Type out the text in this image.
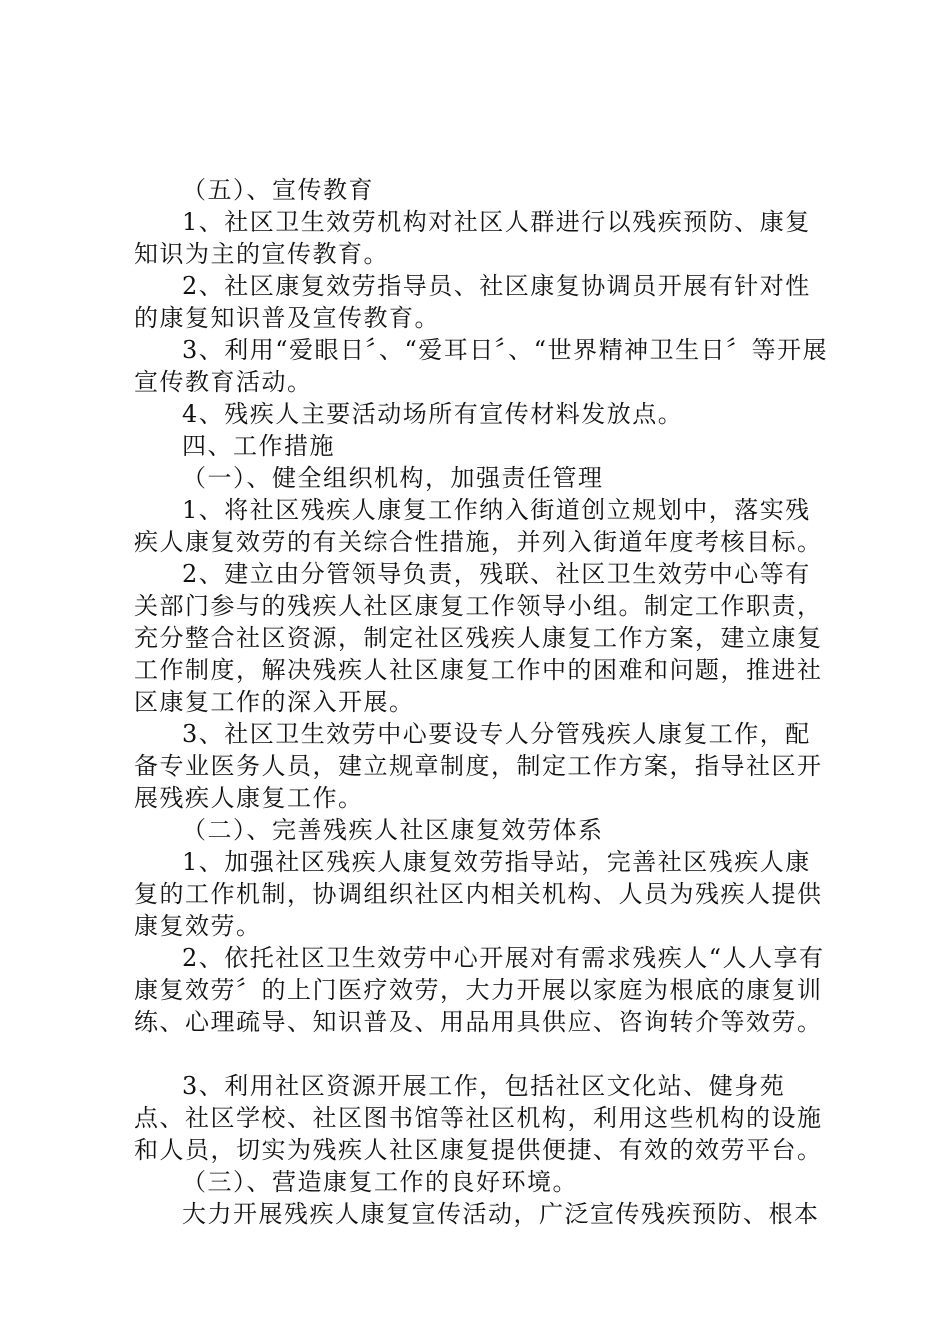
（五）、宣传教育

1、社区卫生效劳机构对社区人群进行以残疾预防、康复知识为主的宣传教育。

2、社区康复效劳指导员、社区康复协调员开展有针对性的康复知识普及宣传教育。

3、利用“爱眼日〞、“爱耳日〞、“世界精神卫生日〞等开展宣传教育活动。

4、残疾人主要活动场所有宣传材料发放点。

四、工作措施

（一）、健全组织机构，加强责任管理

1、将社区残疾人康复工作纳入街道创立规划中，落实残疾人康复效劳的有关综合性措施，并列入街道年度考核目标。

2、建立由分管领导负责，残联、社区卫生效劳中心等有关部门参与的残疾人社区康复工作领导小组。制定工作职责，充分整合社区资源，制定社区残疾人康复工作方案，建立康复工作制度，解决残疾人社区康复工作中的困难和问题，推进社区康复工作的深入开展。

3、社区卫生效劳中心要设专人分管残疾人康复工作，配备专业医务人员，建立规章制度，制定工作方案，指导社区开展残疾人康复工作。

（二）、完善残疾人社区康复效劳体系

1、加强社区残疾人康复效劳指导站，完善社区残疾人康复的工作机制，协调组织社区内相关机构、人员为残疾人提供康复效劳。

2、依托社区卫生效劳中心开展对有需求残疾人“人人享有康复效劳〞的上门医疗效劳，大力开展以家庭为根底的康复训练、心理疏导、知识普及、用品用具供应、咨询转介等效劳。

3、利用社区资源开展工作，包括社区文化站、健身苑点、社区学校、社区图书馆等社区机构，利用这些机构的设施和人员，切实为残疾人社区康复提供便捷、有效的效劳平台。

（三）、营造康复工作的良好环境。

大力开展残疾人康复宣传活动，广泛宣传残疾预防、根本
